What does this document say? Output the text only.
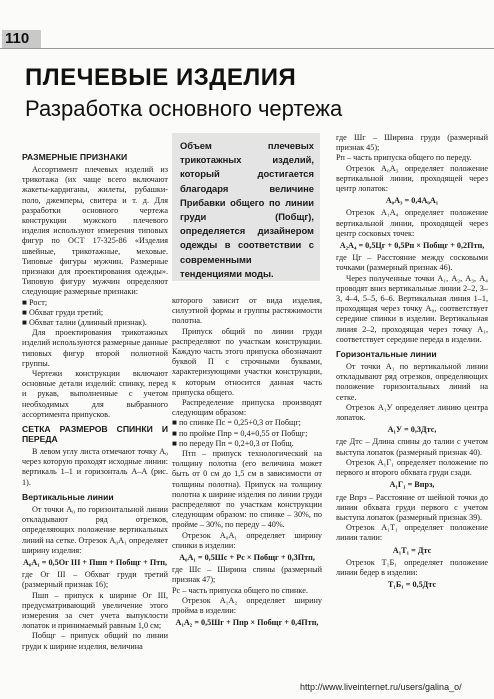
110
ПЛЕЧЕВЫЕ ИЗДЕЛИЯ
Разработка основного чертежа
РАЗМЕРНЫЕ ПРИЗНАКИ

Ассортимент плечевых изделий из трикотажа (их чаще всего включают жакеты-кардиганы, жилеты, рубашки-поло, джемперы, свитера и т. д. Для разработки основного чертежа конструкции мужского плечевого изделия используют измерения типовых фигур по ОСТ 17-325-86 «Изделия швейные, трикотажные, меховые. Типовые фигуры мужчин. Размерные признаки для проектирования одежды». Типовую фигуру мужчин определяют следующие размерные признаки:

■ Рост;

■ Обхват груди третий;

■ Обхват талии (длинный признак).

Для проектирования трикотажных изделий используются размерные данные типовых фигур второй полнотной группы.

Чертежи конструкции включают основные детали изделий: спинку, перед и рукав, выполненные с учетом необходимых для выбранного ассортимента припусков.

СЕТКА РАЗМЕРОВ СПИНКИ И ПЕРЕДА

В левом углу листа отмечают точку А₀ через которую проходят исходные линии: вертикаль 1–1 и горизонталь А–А (рис. 1).

Вертикальные линии

От точки А₀ по горизонтальной линии откладывают ряд отрезков, определяющих положение вертикальных линий на сетке. Отрезок А₀А₁ определяет ширину изделия:

А₀А₁ = 0,5Ог III + Пшп + Побщг + Птп,

где Ог III – Обхват груди третий (размерный признак 16);

Пшп – припуск к ширине Ог III, предусматривающий увеличение этого измерения за счет учета выпуклости лопаток и принимаемый равным 1,0 см;

Побщг – припуск общий по линии груди к ширине изделия, величина

Объем плечевых трикотажных изделий, который достигается благодаря величине Прибавки общего по линии груди (Побщг), определяется дизайнером одежды в соответствии с современными тенденциями моды.

которого зависит от вида изделия, силуэтной формы и группы растяжимости полотна.

Припуск общий по линии груди распределяют по участкам конструкции. Каждую часть этого припуска обозначают буквой П с строчными буквами, характеризующими участки конструкции, к которым относится данная часть припуска общего.

Распределение припуска производят следующим образом:

■ по спинке Пс = 0,25+0,3 от Побщг;

■ по проймe Ппр = 0,4+0,55 от Побщг;

■ по переду Пп = 0,2+0,3 от Побщ.

Птп – припуск технологический на толщину полотна (его величина может быть от 0 см до 1,5 см в зависимости от толщины полотна). Припуск на толщину полотна к ширине изделия по линии груди распределяют по участкам конструкции следующим образом: по спинке – 30%, по пройме – 30%, по переду – 40%.

Отрезок А₀А₁ определяет ширину спинки в изделии:

А₀А₁ = 0,5Шс + Рс × Побщг + 0,3Птп,

где Шс – Ширина спины (размерный признак 47);

Рс – часть припуска общего по спинке.

Отрезок А₁А₂ определяет ширину пройма в изделии:

А₁А₂ = 0,5Шг + Ппр × Побщг + 0,4Птп,

где Шг – Ширина груди (размерный признак 45);

Рп – часть припуска общего по переду.

Отрезок А₀А₃ определяет положение вертикальной линии, проходящей через центр лопаток:

А₀А₃ = 0,4А₀А₁

Отрезок А₁А₄ определяет положение вертикальной линии, проходящей через центр сосковых точек:

А₂А₄ = 0,5Цг + 0,5Рп × Побщг + 0,2Птп,

где Цг – Расстояние между сосковыми точками (размерный признак 46).

Через полученные точки А₁, А₂, А₃, А₄ проводят вниз вертикальные линии 2–2, 3–3, 4–4, 5–5, 6–6. Вертикальная линия 1–1, проходящая через точку А₀, соответствует середине спинки в изделии. Вертикальная линия 2–2, проходящая через точку А₁, соответствует середине переда в изделии.

Горизонтальные линии

От точки А₁ по вертикальной линии откладывают ряд отрезков, определяющих положение горизонтальных линий на сетке.

Отрезок А₁У определяет линию центра лопаток.

А₁У = 0,3Дтс,

где Дтс – Длина спины до талии с учетом выступа лопаток (размерный признак 40).

Отрезок А₁Г₁ определяет положение по первого и второго обхвата груди сзади.

А₁Г₁ = Впрз,

где Впрз – Расстояние от шейной точки до линии обхвата груди первого с учетом выступа лопаток (размерный признак 39).

Отрезок А₁Т₁ определяет положение линии талии:

А₁Т₁ = Дтс

Отрезок Т₁Б₁ определяет положение линии бедер в изделии:

Т₁Б₁ = 0,5Дтс

http://www.liveinternet.ru/users/galina_o/
